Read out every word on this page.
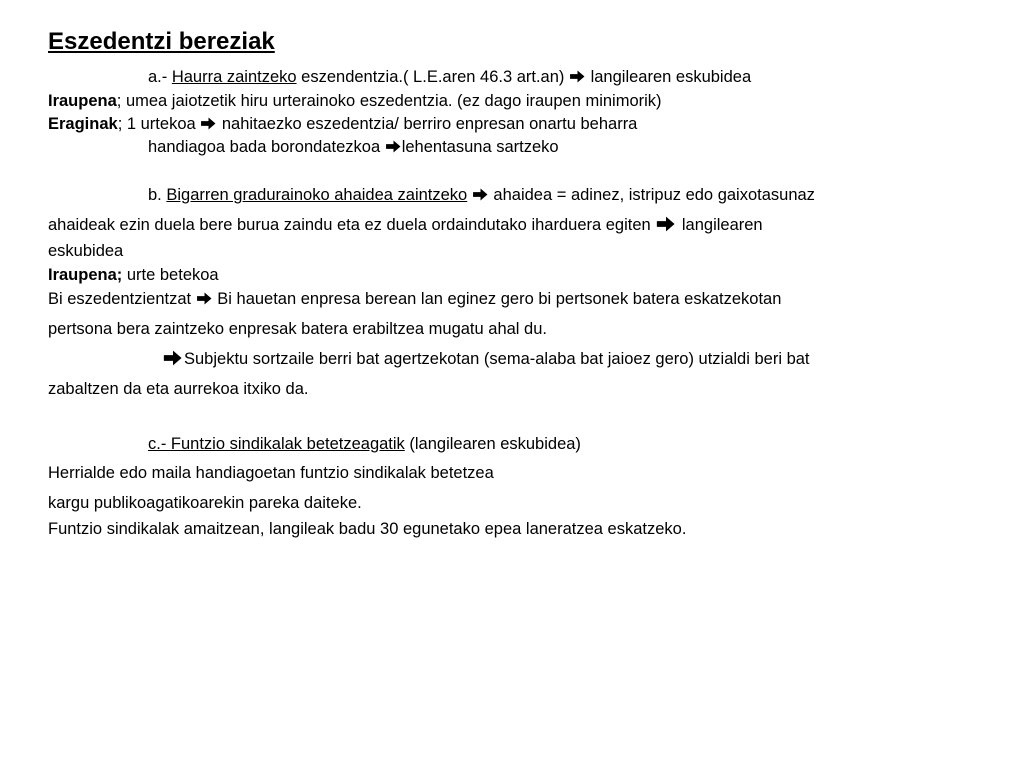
Eszedentzi bereziak
a.- Haurra zaintzeko eszendentzia.( L.E.aren 46.3 art.an)  langilearen eskubidea
Iraupena; umea jaiotzetik hiru urterainoko eszedentzia. (ez dago iraupen minimorik)
Eraginak; 1 urtekoa  nahitaezko eszedentzia/ berriro enpresan onartu beharra
handiagoa bada borondatezkoa lehentasuna sartzeko
b. Bigarren gradurainoko ahaidea zaintzeko  ahaidea = adinez, istripuz edo gaixotasunaz
ahaideak ezin duela bere burua zaindu eta ez duela ordaindutako iharduera egiten  langilearen
eskubidea
Iraupena; urte betekoa
Bi eszedentzientzat  Bi hauetan enpresa berean lan eginez gero bi pertsonek batera eskatzekotan
pertsona bera zaintzeko enpresak batera erabiltzea mugatu ahal du.
Subjektu sortzaile berri bat agertzekotan (sema-alaba bat jaioez gero) utzialdi beri bat
zabaltzen da eta aurrekoa itxiko da.
c.- Funtzio sindikalak betetzeagatik (langilearen eskubidea)
Herrialde edo maila handiagoetan funtzio sindikalak betetzea
kargu publikoagatikoarekin pareka daiteke.
Funtzio sindikalak amaitzean, langileak badu 30 egunetako epea laneratzea eskatzeko.
